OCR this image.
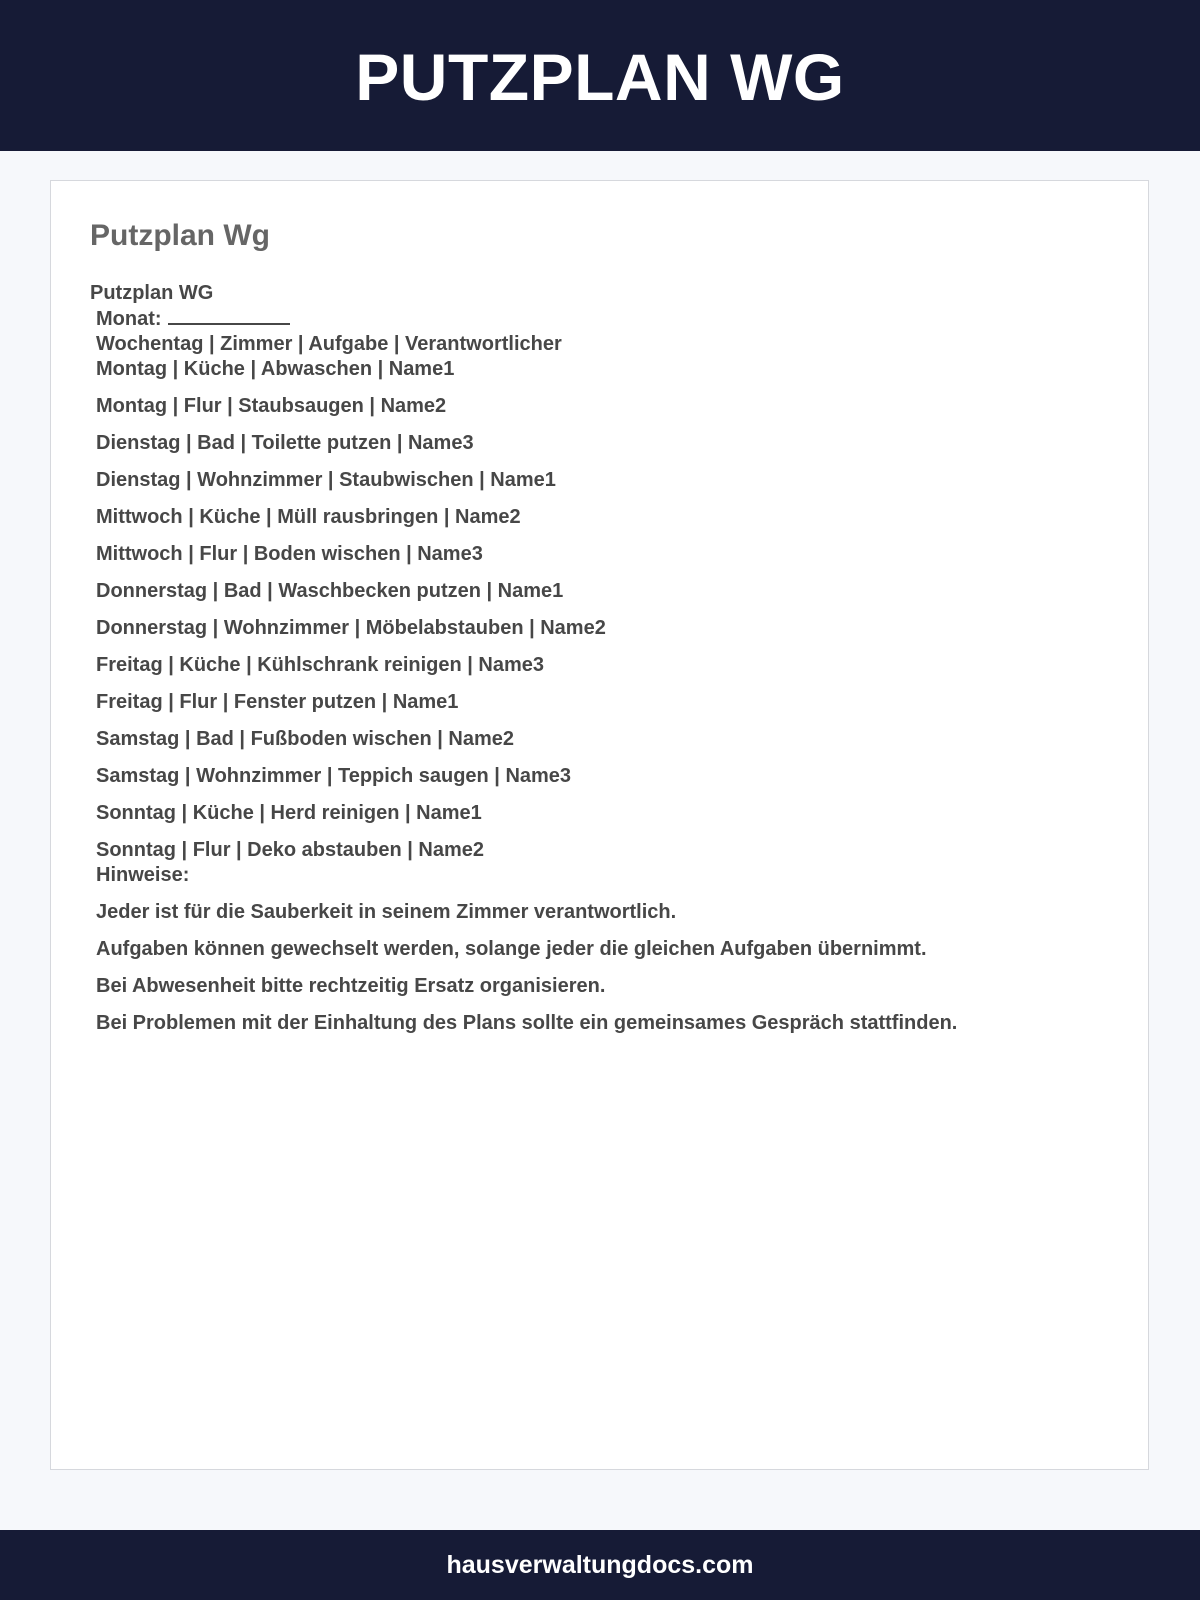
PUTZPLAN WG
Putzplan Wg
Putzplan WG
Monat:
Wochentag | Zimmer | Aufgabe | Verantwortlicher
Montag | Küche | Abwaschen | Name1
Montag | Flur | Staubsaugen | Name2
Dienstag | Bad | Toilette putzen | Name3
Dienstag | Wohnzimmer | Staubwischen | Name1
Mittwoch | Küche | Müll rausbringen | Name2
Mittwoch | Flur | Boden wischen | Name3
Donnerstag | Bad | Waschbecken putzen | Name1
Donnerstag | Wohnzimmer | Möbelabstauben | Name2
Freitag | Küche | Kühlschrank reinigen | Name3
Freitag | Flur | Fenster putzen | Name1
Samstag | Bad | Fußboden wischen | Name2
Samstag | Wohnzimmer | Teppich saugen | Name3
Sonntag | Küche | Herd reinigen | Name1
Sonntag | Flur | Deko abstauben | Name2
Hinweise:
Jeder ist für die Sauberkeit in seinem Zimmer verantwortlich.
Aufgaben können gewechselt werden, solange jeder die gleichen Aufgaben übernimmt.
Bei Abwesenheit bitte rechtzeitig Ersatz organisieren.
Bei Problemen mit der Einhaltung des Plans sollte ein gemeinsames Gespräch stattfinden.
hausverwaltungdocs.com
